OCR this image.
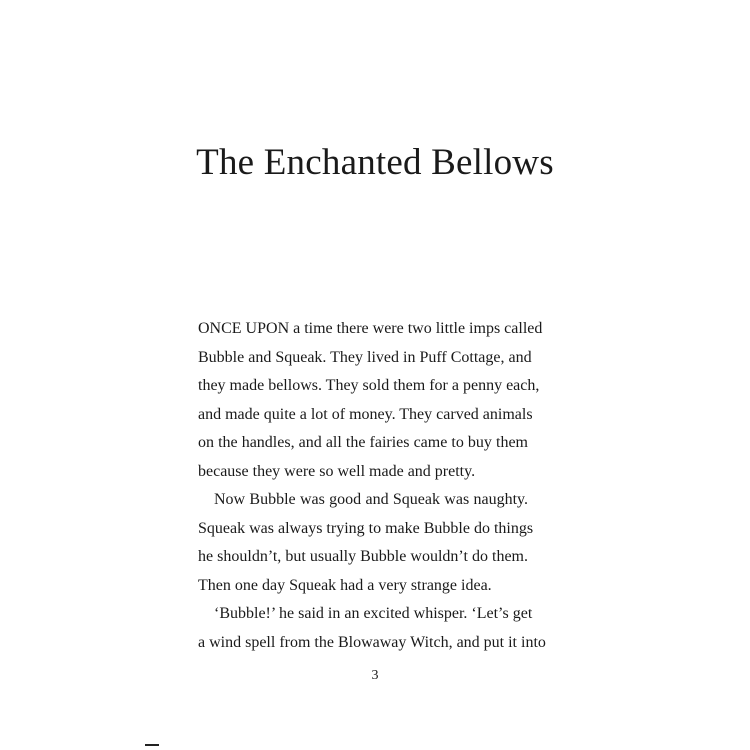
The Enchanted Bellows
ONCE UPON a time there were two little imps called
Bubble and Squeak. They lived in Puff Cottage, and
they made bellows. They sold them for a penny each,
and made quite a lot of money. They carved animals
on the handles, and all the fairies came to buy them
because they were so well made and pretty.
Now Bubble was good and Squeak was naughty.
Squeak was always trying to make Bubble do things
he shouldn’t, but usually Bubble wouldn’t do them.
Then one day Squeak had a very strange idea.
‘Bubble!’ he said in an excited whisper. ‘Let’s get
a wind spell from the Blowaway Witch, and put it into
3
